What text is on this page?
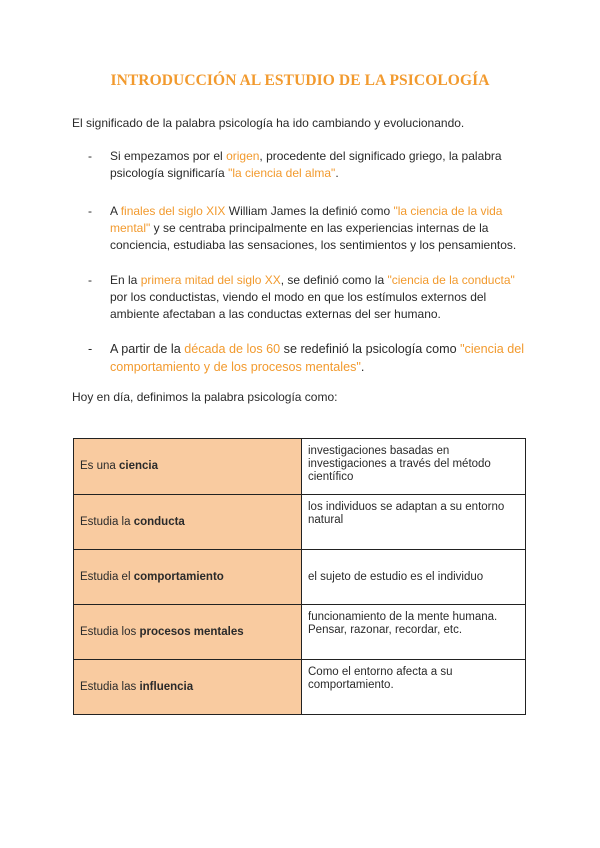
INTRODUCCIÓN AL ESTUDIO DE LA PSICOLOGÍA

El significado de la palabra psicología ha ido cambiando y evolucionando.

- Si empezamos por el origen, procedente del significado griego, la palabra psicología significaría "la ciencia del alma".
- A finales del siglo XIX William James la definió como "la ciencia de la vida mental" y se centraba principalmente en las experiencias internas de la conciencia, estudiaba las sensaciones, los sentimientos y los pensamientos.
- En la primera mitad del siglo XX, se definió como la "ciencia de la conducta" por los conductistas, viendo el modo en que los estímulos externos del ambiente afectaban a las conductas externas del ser humano.
- A partir de la década de los 60 se redefinió la psicología como "ciencia del comportamiento y de los procesos mentales".

Hoy en día, definimos la palabra psicología como:

Es una ciencia	investigaciones basadas en investigaciones a través del método científico
Estudia la conducta	los individuos se adaptan a su entorno natural
Estudia el comportamiento	el sujeto de estudio es el individuo
Estudia los procesos mentales	funcionamiento de la mente humana. Pensar, razonar, recordar, etc.
Estudia las influencia	Como el entorno afecta a su comportamiento.
